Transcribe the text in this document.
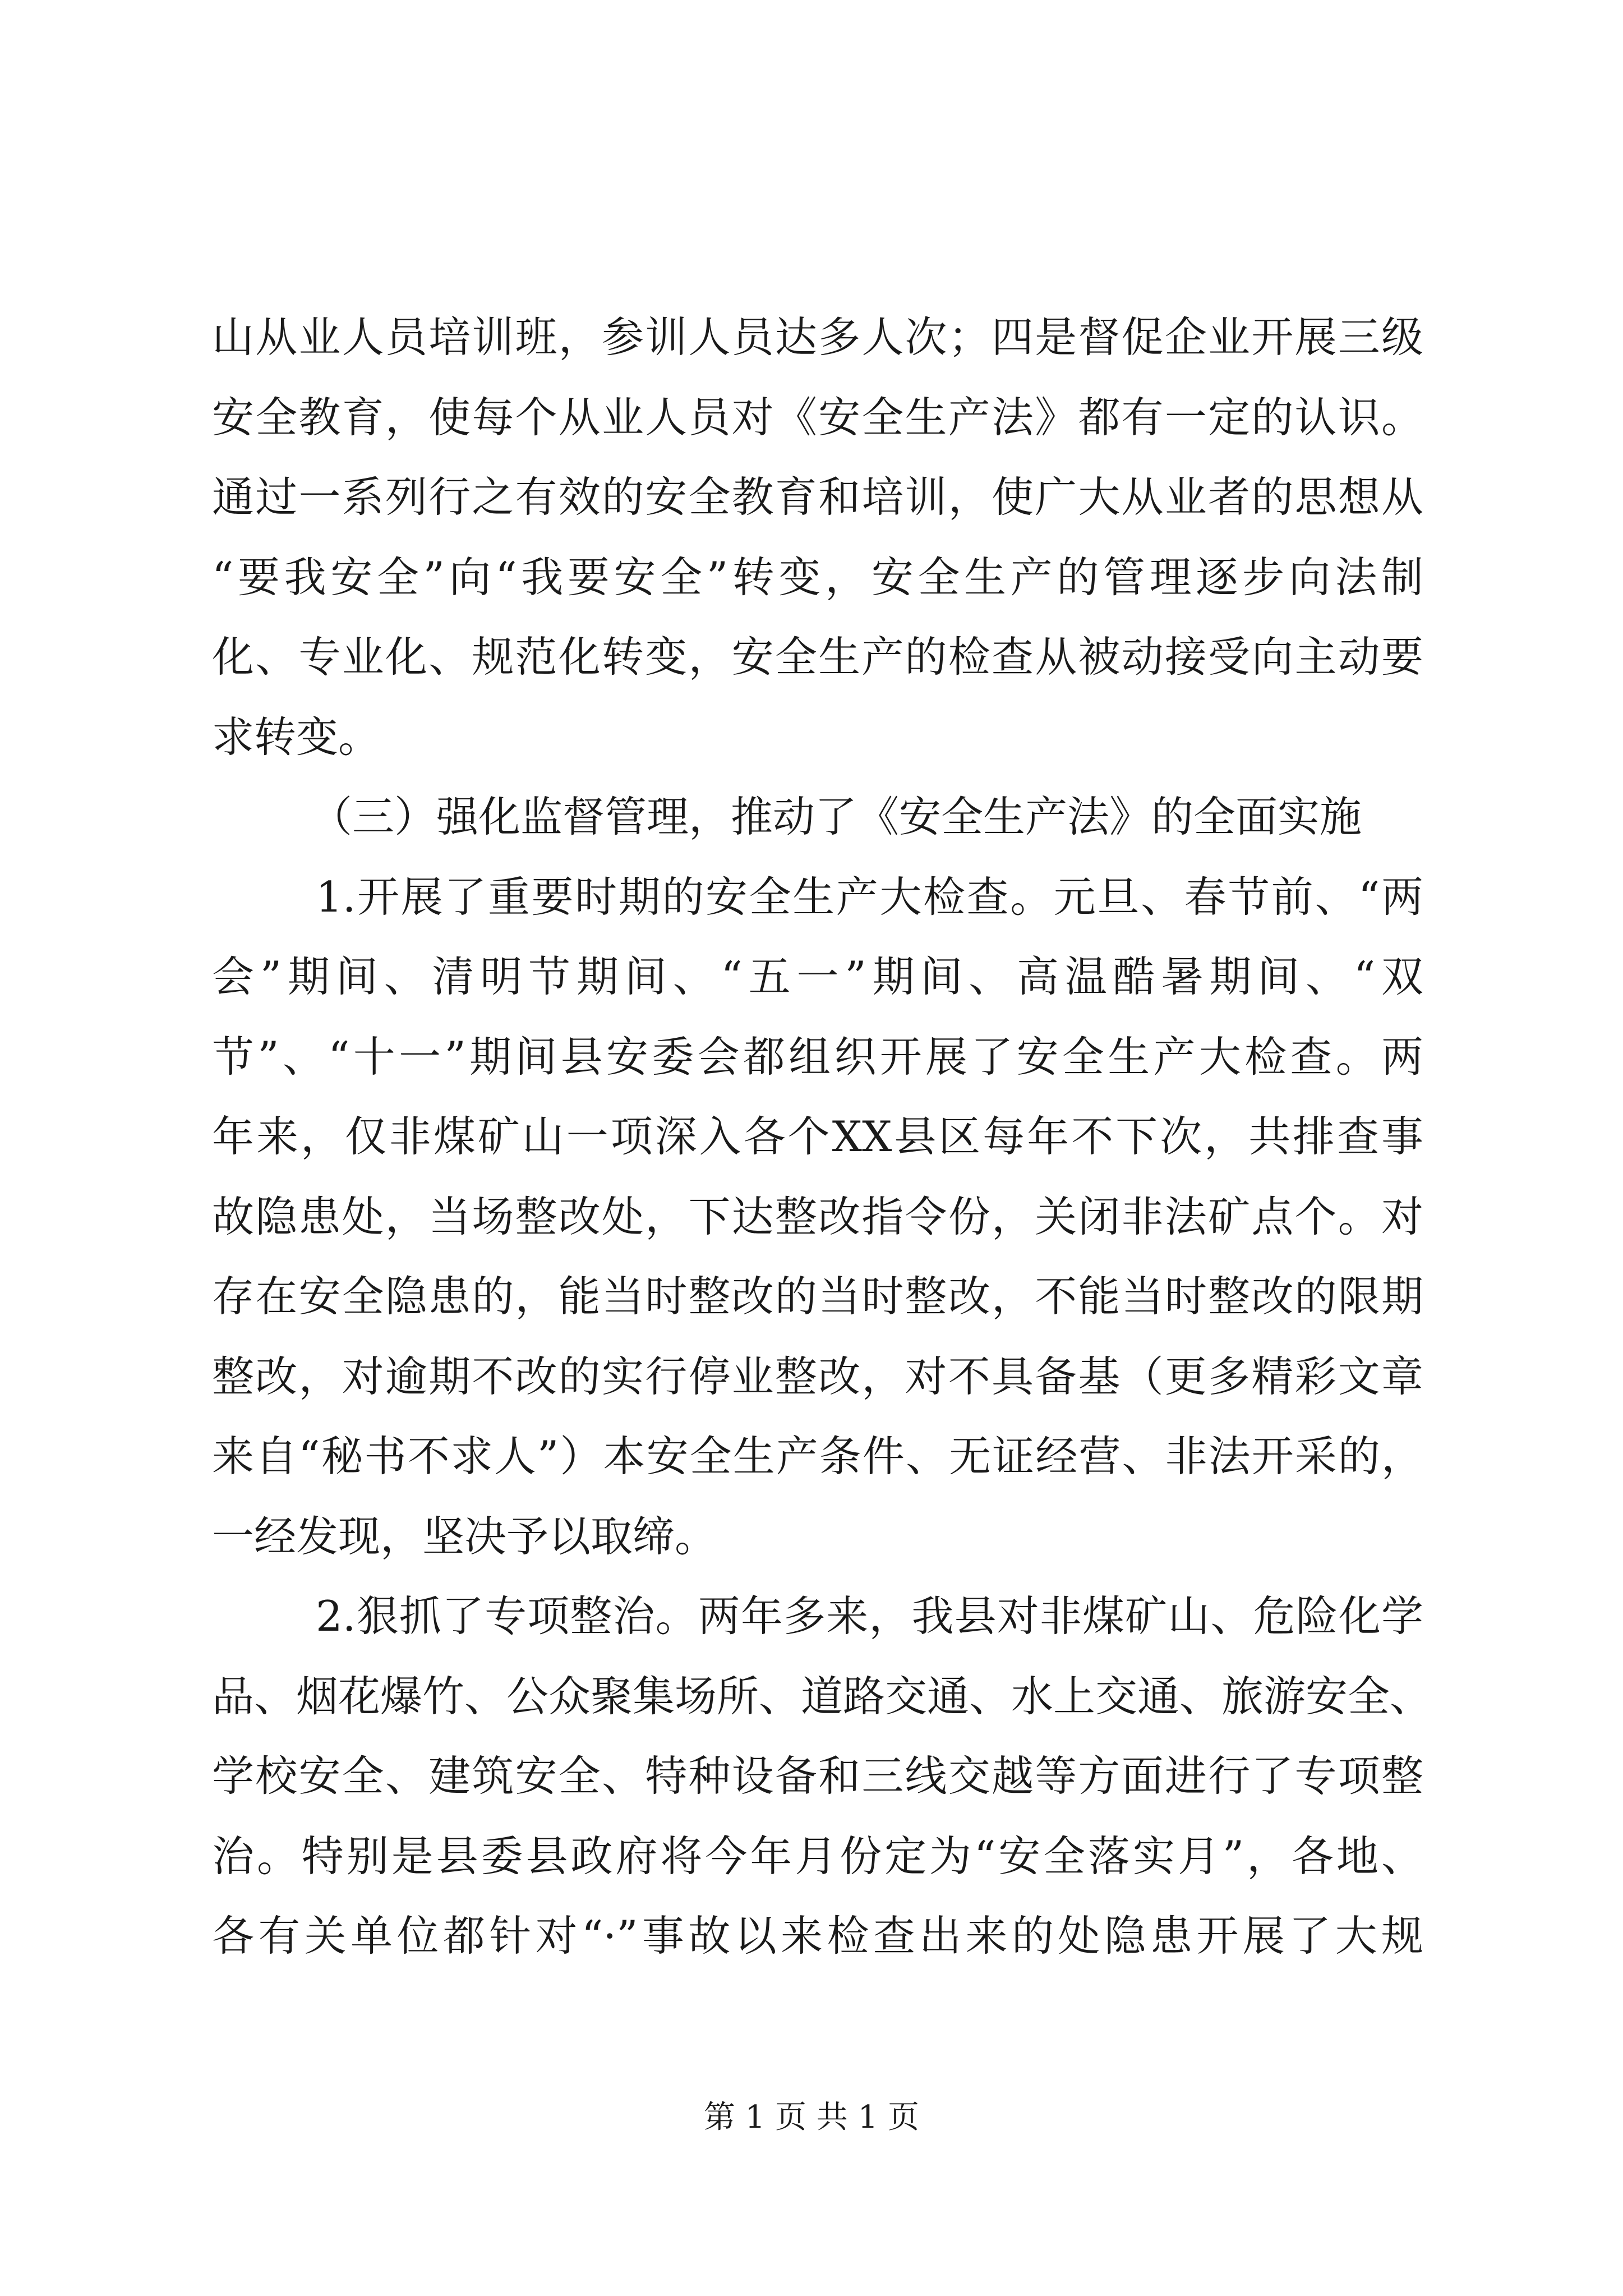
山从业人员培训班，参训人员达多人次；四是督促企业开展三级
安全教育，使每个从业人员对《安全生产法》都有一定的认识。
通过一系列行之有效的安全教育和培训，使广大从业者的思想从
“要我安全”向“我要安全”转变，安全生产的管理逐步向法制
化、专业化、规范化转变，安全生产的检查从被动接受向主动要
求转变。
（三）强化监督管理，推动了《安全生产法》的全面实施
1.开展了重要时期的安全生产大检查。元旦、春节前、“两
会”期间、清明节期间、“五一”期间、高温酷暑期间、“双
节”、“十一”期间县安委会都组织开展了安全生产大检查。两
年来，仅非煤矿山一项深入各个XX县区每年不下次，共排查事
故隐患处，当场整改处，下达整改指令份，关闭非法矿点个。对
存在安全隐患的，能当时整改的当时整改，不能当时整改的限期
整改，对逾期不改的实行停业整改，对不具备基（更多精彩文章
来自“秘书不求人”）本安全生产条件、无证经营、非法开采的，
一经发现，坚决予以取缔。
2.狠抓了专项整治。两年多来，我县对非煤矿山、危险化学
品、烟花爆竹、公众聚集场所、道路交通、水上交通、旅游安全、
学校安全、建筑安全、特种设备和三线交越等方面进行了专项整
治。特别是县委县政府将今年月份定为“安全落实月”，各地、
各有关单位都针对“·”事故以来检查出来的处隐患开展了大规
第 1 页 共 1 页
